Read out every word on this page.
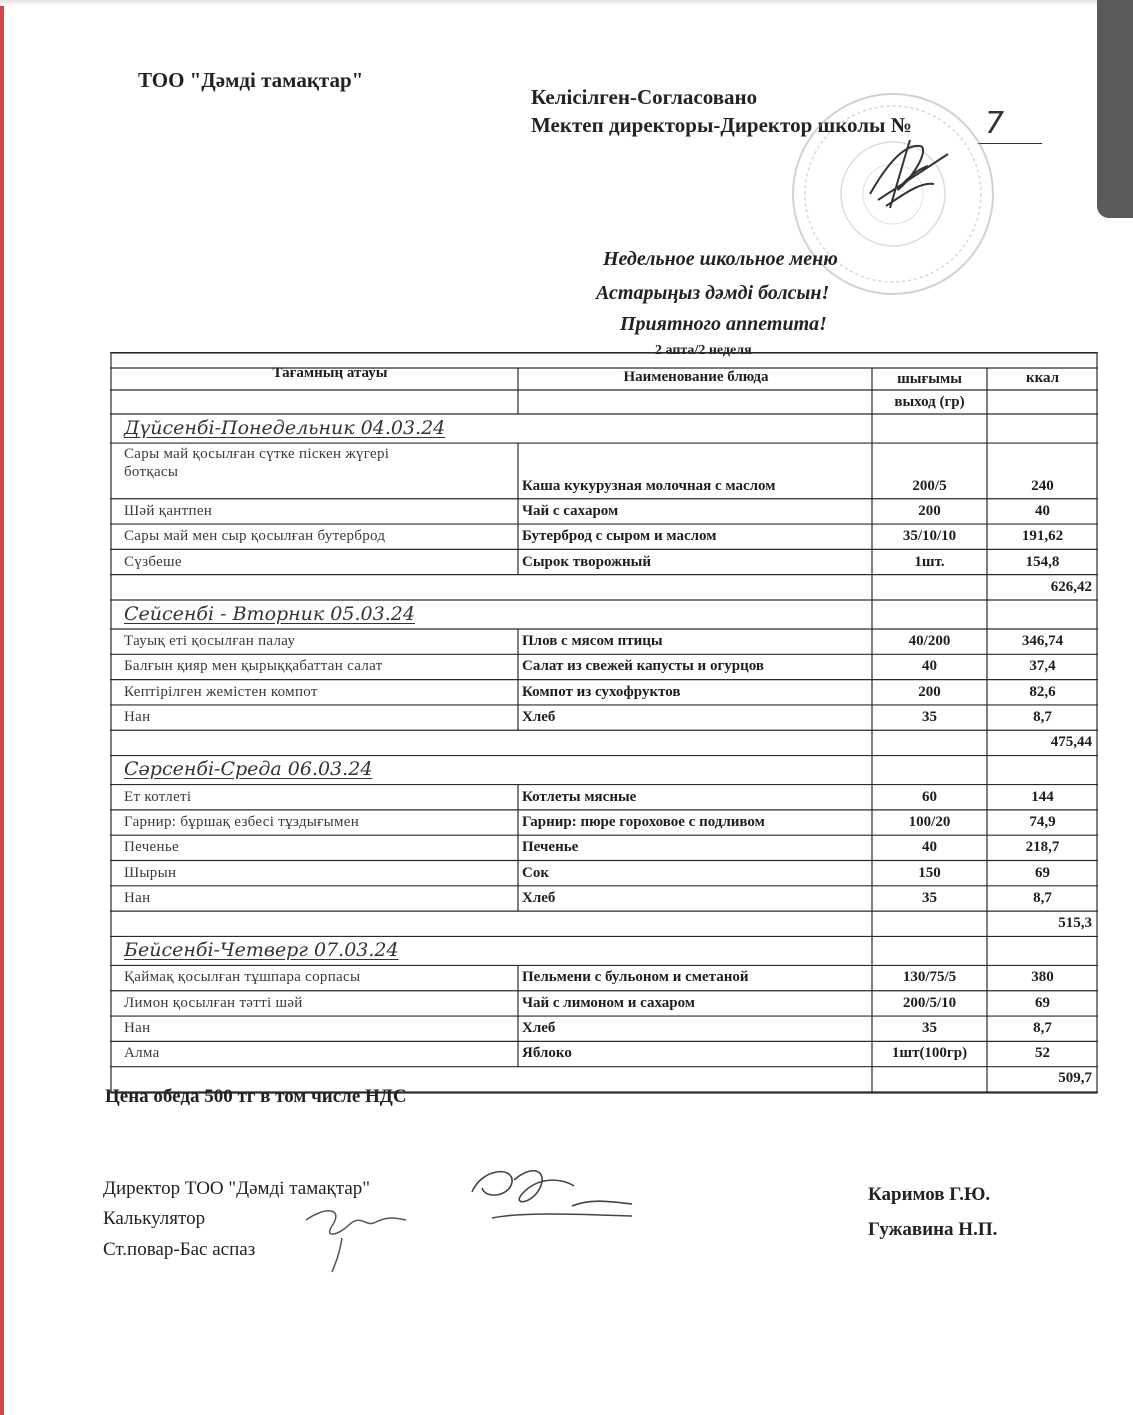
ТОО "Дәмді тамақтар"
Келісілген-Согласовано
Мектеп директоры-Директор школы № 7
Недельное школьное меню
Астарыңыз дәмді болсын!
Приятного аппетита!
2 апта/2 неделя
Тағамның атауы	Наименование блюда	шығымы	ккал
выход (гр)
Дүйсенбі-Понедельник 04.03.24
Сары май қосылған сүтке піскен жүгері
ботқасы
Каша кукурузная молочная с маслом	200/5	240
Шәй қантпен	Чай с сахаром	200	40
Сары май мен сыр қосылған бутерброд	Бутерброд с сыром и маслом	35/10/10	191,62
Сүзбеше	Сырок творожный	1шт.	154,8
626,42
Сейсенбі - Вторник 05.03.24
Тауық еті қосылған палау	Плов с мясом птицы	40/200	346,74
Балғын қияр мен қырыққабаттан салат	Салат из свежей капусты и огурцов	40	37,4
Кептірілген жемістен компот	Компот из сухофруктов	200	82,6
Нан	Хлеб	35	8,7
475,44
Сәрсенбі-Среда 06.03.24
Ет котлеті	Котлеты мясные	60	144
Гарнир: бұршақ езбесі тұздығымен	Гарнир: пюре гороховое с подливом	100/20	74,9
Печенье	Печенье	40	218,7
Шырын	Сок	150	69
Нан	Хлеб	35	8,7
515,3
Бейсенбі-Четверг 07.03.24
Қаймақ қосылған тұшпара сорпасы	Пельмени с бульоном и сметаной	130/75/5	380
Лимон қосылған тәтті шәй	Чай с лимоном и сахаром	200/5/10	69
Нан	Хлеб	35	8,7
Алма	Яблоко	1шт(100гр)	52
509,7
Цена обеда 500 тг в том числе НДС
Директор ТОО "Дәмді тамақтар"
Калькулятор
Ст.повар-Бас аспаз
Каримов Г.Ю.
Гужавина Н.П.
